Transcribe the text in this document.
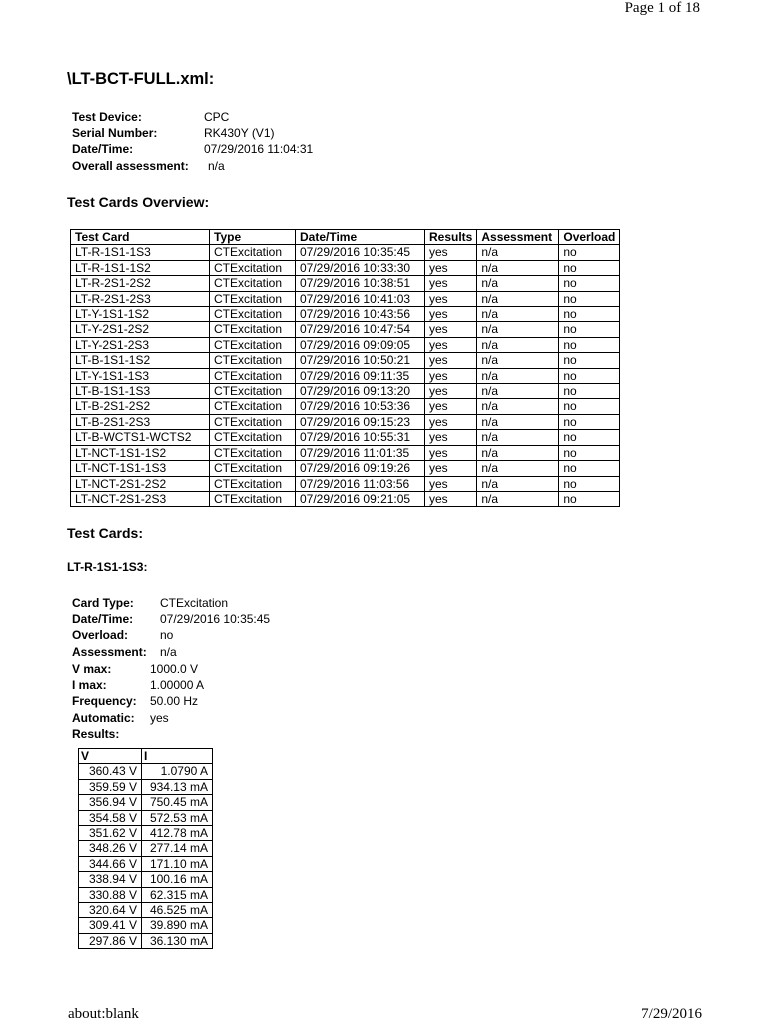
Page 1 of 18
\LT-BCT-FULL.xml:
Test Device:	CPC
Serial Number:	RK430Y (V1)
Date/Time:	07/29/2016 11:04:31
Overall assessment:	n/a
Test Cards Overview:
Test Card	Type	Date/Time	Results	Assessment	Overload
LT-R-1S1-1S3	CTExcitation	07/29/2016 10:35:45	yes	n/a	no
LT-R-1S1-1S2	CTExcitation	07/29/2016 10:33:30	yes	n/a	no
LT-R-2S1-2S2	CTExcitation	07/29/2016 10:38:51	yes	n/a	no
LT-R-2S1-2S3	CTExcitation	07/29/2016 10:41:03	yes	n/a	no
LT-Y-1S1-1S2	CTExcitation	07/29/2016 10:43:56	yes	n/a	no
LT-Y-2S1-2S2	CTExcitation	07/29/2016 10:47:54	yes	n/a	no
LT-Y-2S1-2S3	CTExcitation	07/29/2016 09:09:05	yes	n/a	no
LT-B-1S1-1S2	CTExcitation	07/29/2016 10:50:21	yes	n/a	no
LT-Y-1S1-1S3	CTExcitation	07/29/2016 09:11:35	yes	n/a	no
LT-B-1S1-1S3	CTExcitation	07/29/2016 09:13:20	yes	n/a	no
LT-B-2S1-2S2	CTExcitation	07/29/2016 10:53:36	yes	n/a	no
LT-B-2S1-2S3	CTExcitation	07/29/2016 09:15:23	yes	n/a	no
LT-B-WCTS1-WCTS2	CTExcitation	07/29/2016 10:55:31	yes	n/a	no
LT-NCT-1S1-1S2	CTExcitation	07/29/2016 11:01:35	yes	n/a	no
LT-NCT-1S1-1S3	CTExcitation	07/29/2016 09:19:26	yes	n/a	no
LT-NCT-2S1-2S2	CTExcitation	07/29/2016 11:03:56	yes	n/a	no
LT-NCT-2S1-2S3	CTExcitation	07/29/2016 09:21:05	yes	n/a	no
Test Cards:
LT-R-1S1-1S3:
Card Type:	CTExcitation
Date/Time:	07/29/2016 10:35:45
Overload:	no
Assessment:	n/a
V max:	1000.0 V
I max:	1.00000 A
Frequency:	50.00 Hz
Automatic:	yes
Results:	
V	I
360.43 V	1.0790 A
359.59 V	934.13 mA
356.94 V	750.45 mA
354.58 V	572.53 mA
351.62 V	412.78 mA
348.26 V	277.14 mA
344.66 V	171.10 mA
338.94 V	100.16 mA
330.88 V	62.315 mA
320.64 V	46.525 mA
309.41 V	39.890 mA
297.86 V	36.130 mA
about:blank	7/29/2016
